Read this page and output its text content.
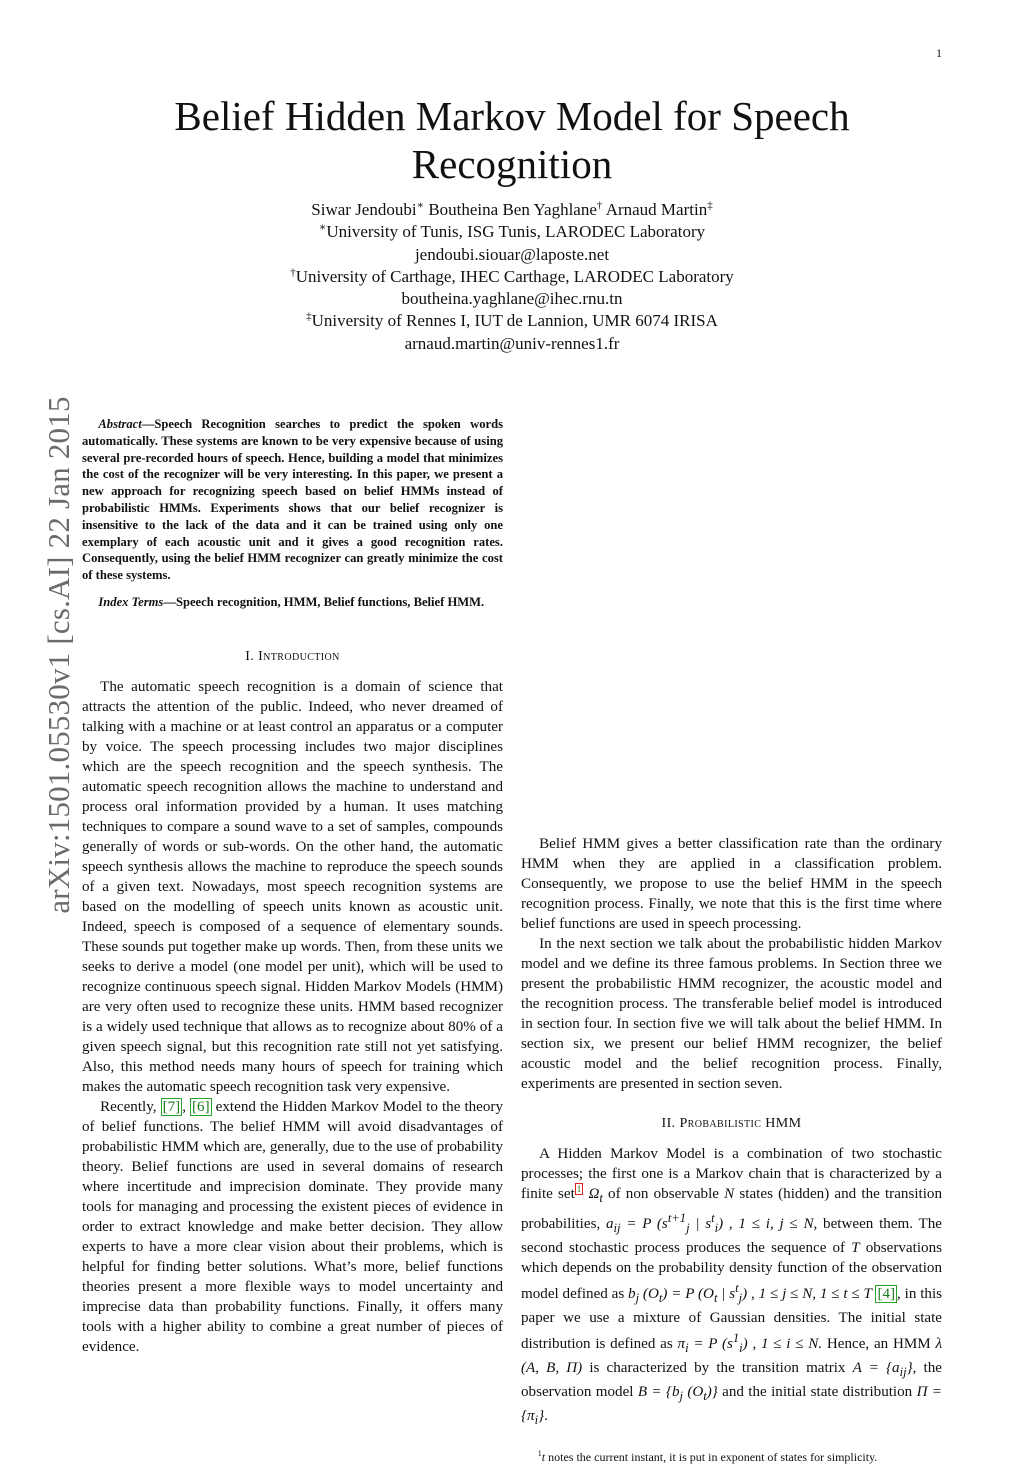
1
arXiv:1501.05530v1 [cs.AI] 22 Jan 2015
Belief Hidden Markov Model for Speech Recognition
Siwar Jendoubi∗ Boutheina Ben Yaghlane† Arnaud Martin‡
∗University of Tunis, ISG Tunis, LARODEC Laboratory
jendoubi.siouar@laposte.net
†University of Carthage, IHEC Carthage, LARODEC Laboratory
boutheina.yaghlane@ihec.rnu.tn
‡University of Rennes I, IUT de Lannion, UMR 6074 IRISA
arnaud.martin@univ-rennes1.fr

Abstract—Speech Recognition searches to predict the spoken words automatically. These systems are known to be very expensive because of using several pre-recorded hours of speech. Hence, building a model that minimizes the cost of the recognizer will be very interesting. In this paper, we present a new approach for recognizing speech based on belief HMMs instead of probabilistic HMMs. Experiments shows that our belief recognizer is insensitive to the lack of the data and it can be trained using only one exemplary of each acoustic unit and it gives a good recognition rates. Consequently, using the belief HMM recognizer can greatly minimize the cost of these systems.

Index Terms—Speech recognition, HMM, Belief functions, Belief HMM.

I. Introduction

The automatic speech recognition is a domain of science that attracts the attention of the public. Indeed, who never dreamed of talking with a machine or at least control an apparatus or a computer by voice. The speech processing includes two major disciplines which are the speech recognition and the speech synthesis. The automatic speech recognition allows the machine to understand and process oral information provided by a human. It uses matching techniques to compare a sound wave to a set of samples, compounds generally of words or sub-words. On the other hand, the automatic speech synthesis allows the machine to reproduce the speech sounds of a given text. Nowadays, most speech recognition systems are based on the modelling of speech units known as acoustic unit. Indeed, speech is composed of a sequence of elementary sounds. These sounds put together make up words. Then, from these units we seeks to derive a model (one model per unit), which will be used to recognize continuous speech signal. Hidden Markov Models (HMM) are very often used to recognize these units. HMM based recognizer is a widely used technique that allows as to recognize about 80% of a given speech signal, but this recognition rate still not yet satisfying. Also, this method needs many hours of speech for training which makes the automatic speech recognition task very expensive.

Recently, [7] , [6] extend the Hidden Markov Model to the theory of belief functions. The belief HMM will avoid disadvantages of probabilistic HMM which are, generally, due to the use of probability theory. Belief functions are used in several domains of research where incertitude and imprecision dominate. They provide many tools for managing and processing the existent pieces of evidence in order to extract knowledge and make better decision. They allow experts to have a more clear vision about their problems, which is helpful for finding better solutions. What’s more, belief functions theories present a more flexible ways to model uncertainty and imprecise data than probability functions. Finally, it offers many tools with a higher ability to combine a great number of pieces of evidence.

Belief HMM gives a better classification rate than the ordinary HMM when they are applied in a classification problem. Consequently, we propose to use the belief HMM in the speech recognition process. Finally, we note that this is the first time where belief functions are used in speech processing.

In the next section we talk about the probabilistic hidden Markov model and we define its three famous problems. In Section three we present the probabilistic HMM recognizer, the acoustic model and the recognition process. The transferable belief model is introduced in section four. In section five we will talk about the belief HMM. In section six, we present our belief HMM recognizer, the belief acoustic model and the belief recognition process. Finally, experiments are presented in section seven.

II. Probabilistic HMM

A Hidden Markov Model is a combination of two stochastic processes; the first one is a Markov chain that is characterized by a finite set $^1$ $\Omega_t$ of non observable N states (hidden) and the transition probabilities, $a_{ij} = P$ ($s^{t+1}_j$ | $s^t_i$) , 1 ≤ i, j ≤ N, between them. The second stochastic process produces the sequence of T observations which depends on the probability density function of the observation model defined as $b_j$ $(O_t) = P$ ($O_t$ | $s^t_j$) , 1 ≤ j ≤ N, 1 ≤ t ≤ T [4] , in this paper we use a mixture of Gaussian densities. The initial state distribution is defined as $\pi_i = P$ $(s^1_i)$ , 1 ≤ i ≤ N. Hence, an HMM λ (A, B, Π) is characterized by the transition matrix $A = \{a_{ij}\}$, the observation model $B = \{b_j$ $(O_t)$} and the initial state distribution $\Pi = \{\pi_i\}$.

$^1$t notes the current instant, it is put in exponent of states for simplicity.
